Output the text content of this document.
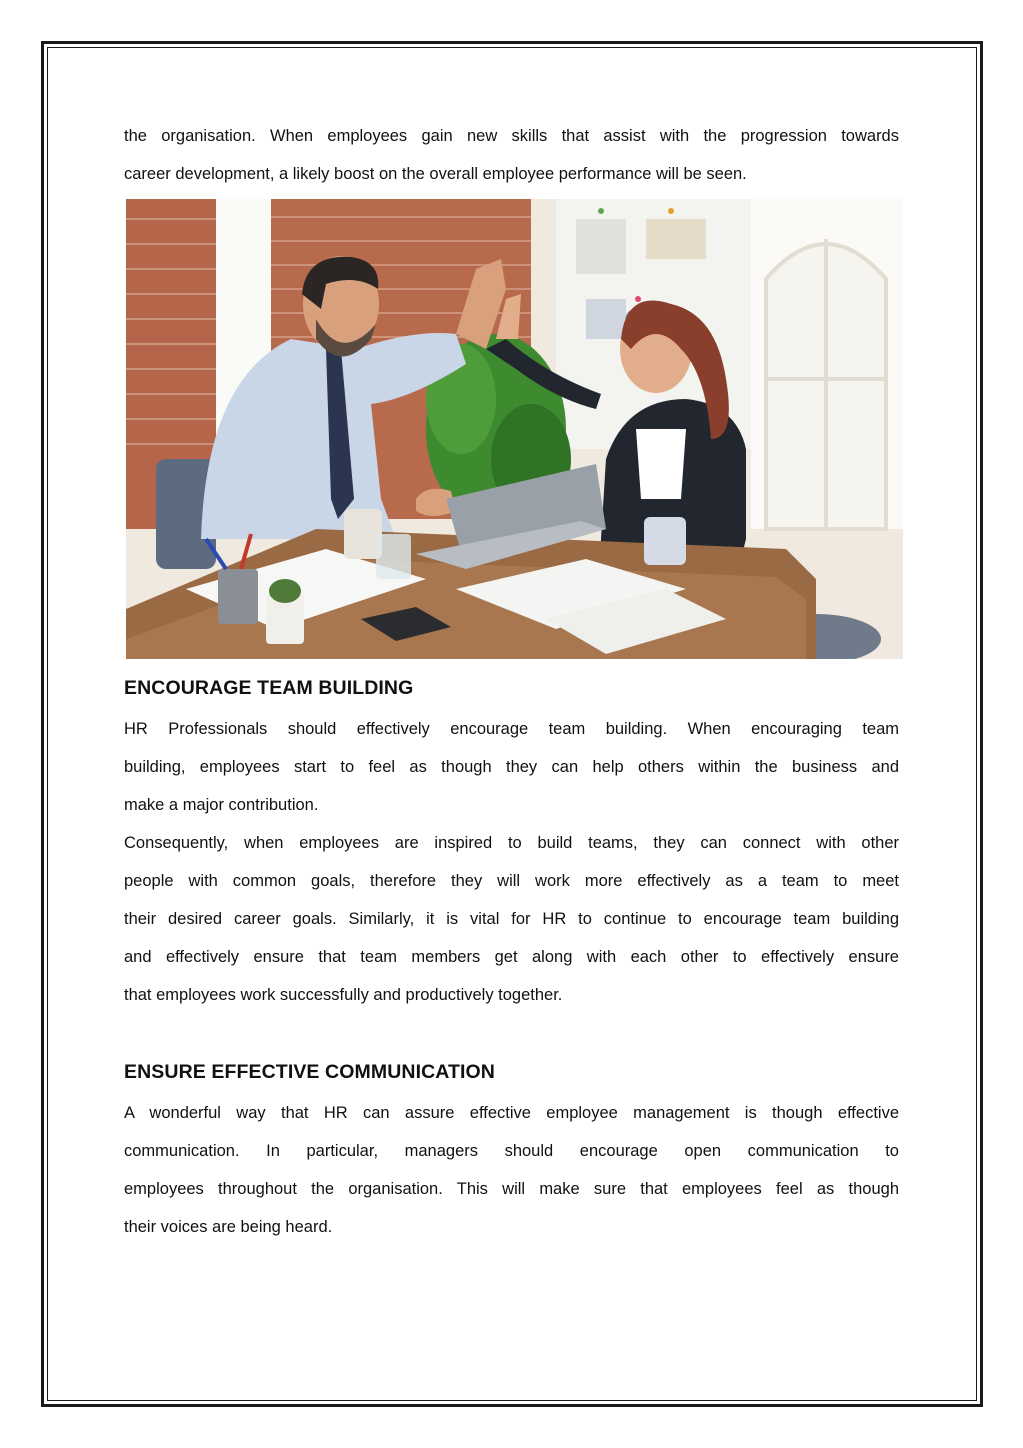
the organisation. When employees gain new skills that assist with the progression towards

career development, a likely boost on the overall employee performance will be seen.

ENCOURAGE TEAM BUILDING

HR Professionals should effectively encourage team building. When encouraging team

building, employees start to feel as though they can help others within the business and

make a major contribution.

Consequently, when employees are inspired to build teams, they can connect with other

people with common goals, therefore they will work more effectively as a team to meet

their desired career goals. Similarly, it is vital for HR to continue to encourage team building

and effectively ensure that team members get along with each other to effectively ensure

that employees work successfully and productively together.

ENSURE EFFECTIVE COMMUNICATION

A wonderful way that HR can assure effective employee management is though effective

communication. In particular, managers should encourage open communication to

employees throughout the organisation. This will make sure that employees feel as though

their voices are being heard.
